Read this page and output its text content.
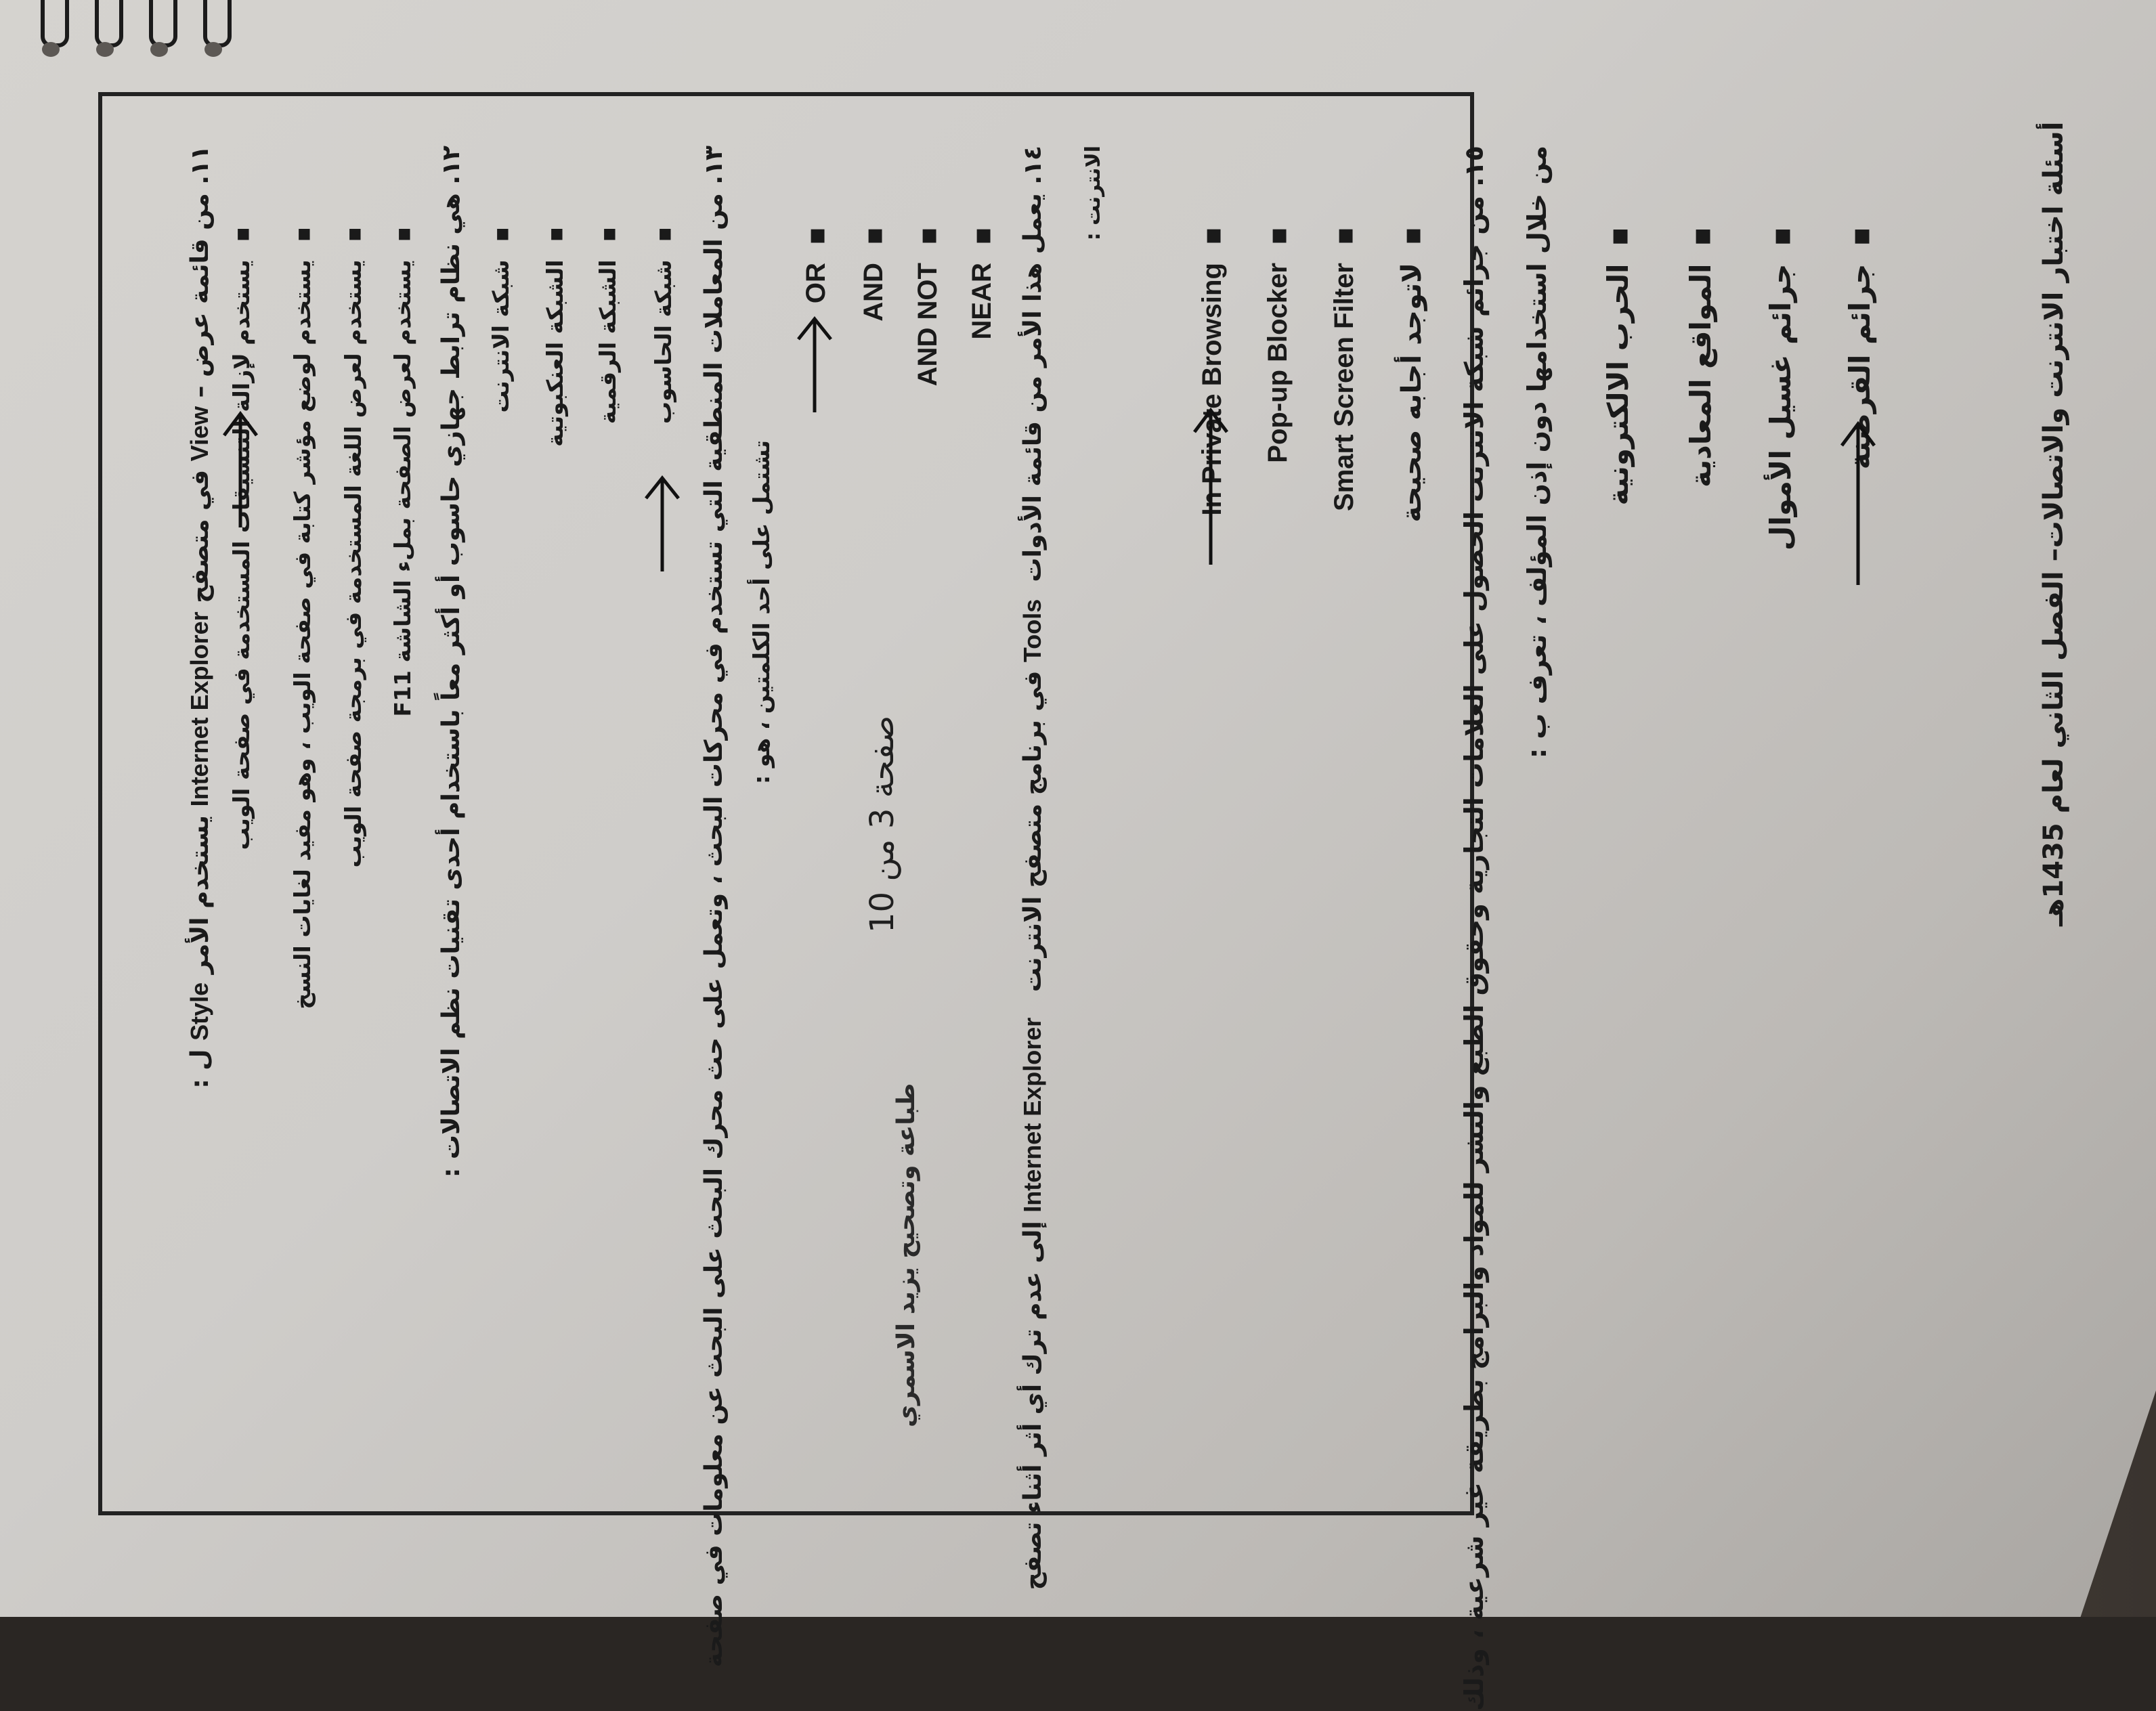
١١. من قائمة عرض – View في متصفح Internet Explorer يستخدم الأمر Style ل :
▪يستخدم لإزالة التنسيقات المستخدمة في صفحة الويب
▪يستخدم لوضع مؤشر كتابة في صفحة الويب ، وهو مفيد لغايات النسخ
▪يستخدم لعرض اللغة المستخدمة في برمجة صفحة الويب
▪يستخدم لعرض الصفحة بملء الشاشة F11
١٢. هي نظام ترابط جهازي حاسوب أو أكثر معاً باستخدام أحدى تقنيات نظم الاتصالات : ▪شبكة الانترنت
▪الشبكة العنكبوتية
▪الشبكة الرقمية
▪شبكة الحاسوب
١٣. من المعاملات المنطقية التي تستخدم في محركات البحث ، وتعمل على حث محرك البحث على البحث عن معلومات في صفحة تشتمل على أحد الكلمتين ، هو :
▪OR
▪AND
▪AND NOT
▪NEAR
١٤. يعمل هذا الأمر من قائمة الأدوات  Tools في برنامج متصفح الانترنت   Internet Explorer إلى عدم ترك أي أثر أثناء تصفح
الانترنت :	▪In Private Browsing
▪Pop-up Blocker
▪Smart Screen Filter
▪لاتوجد أجابه صحيحة
١٥. من جرائم شبكة الانترنت الحصول على العلامات التجارية وحقوق الطبع والنشر للمواد والبرامج بطريقة غير شرعية ، وذلك من خلال استخدامها دون إذن المؤلف ، تعرف ب : ▪الحرب الالكترونية
▪المواقع المعادية
▪جرائم غسيل الأموال
▪جرائم القرصنة
صفحة 3 من 10
طباعة وتصحيح يزيد الاسمري
أسئلة اختبار الانترنت والاتصالات– الفصل الثاني لعام 1435هـ
